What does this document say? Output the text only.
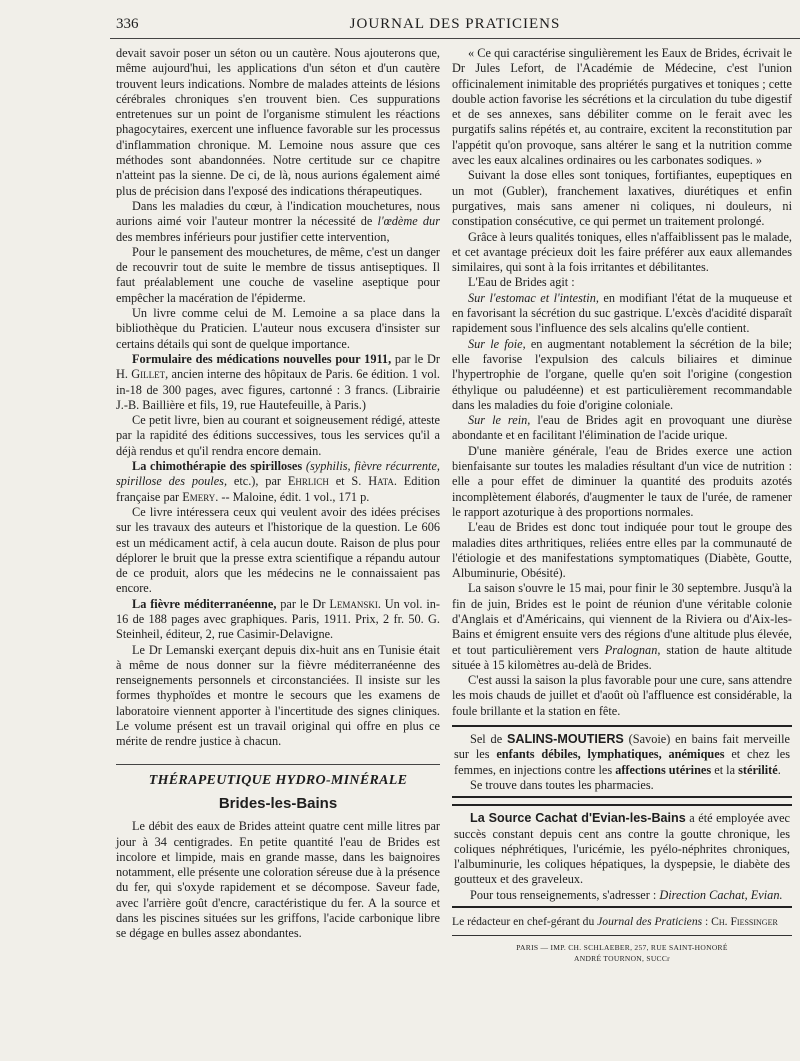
336	JOURNAL DES PRATICIENS

devait savoir poser un séton ou un cautère. Nous ajouterons que, même aujourd'hui, les applications d'un séton et d'un cautère trouvent leurs indications. Nombre de malades atteints de lésions cérébrales chroniques s'en trouvent bien. Ces suppurations entretenues sur un point de l'organisme stimulent les réactions phagocytaires, exercent une influence favorable sur les processus d'inflammation chronique. M. Lemoine nous assure que ces méthodes sont abandonnées. Notre certitude sur ce chapitre n'atteint pas la sienne. De ci, de là, nous aurions également aimé plus de précision dans l'exposé des indications thérapeutiques.

Dans les maladies du cœur, à l'indication mouchetures, nous aurions aimé voir l'auteur montrer la nécessité de l'œdème dur des membres inférieurs pour justifier cette intervention,

Pour le pansement des mouchetures, de même, c'est un danger de recouvrir tout de suite le membre de tissus antiseptiques. Il faut préalablement une couche de vaseline aseptique pour empêcher la macération de l'épiderme.

Un livre comme celui de M. Lemoine a sa place dans la bibliothèque du Praticien. L'auteur nous excusera d'insister sur certains détails qui sont de quelque importance.

Formulaire des médications nouvelles pour 1911, par le Dr H. Gillet, ancien interne des hôpitaux de Paris. 6e édition. 1 vol. in-18 de 300 pages, avec figures, cartonné : 3 francs. (Librairie J.-B. Baillière et fils, 19, rue Hautefeuille, à Paris.)

Ce petit livre, bien au courant et soigneusement rédigé, atteste par la rapidité des éditions successives, tous les services qu'il a déjà rendus et qu'il rendra encore demain.

La chimothérapie des spirilloses (syphilis, fièvre récurrente, spirillose des poules, etc.), par Ehrlich et S. Hata. Edition française par Emery. -- Maloine, édit. 1 vol., 171 p.

Ce livre intéressera ceux qui veulent avoir des idées précises sur les travaux des auteurs et l'historique de la question. Le 606 est un médicament actif, à cela aucun doute. Raison de plus pour déplorer le bruit que la presse extra scientifique a répandu autour de ce produit, alors que les médecins ne le connaissaient pas encore.

La fièvre méditerranéenne, par le Dr Lemanski. Un vol. in-16 de 188 pages avec graphiques. Paris, 1911. Prix, 2 fr. 50. G. Steinheil, éditeur, 2, rue Casimir-Delavigne.

Le Dr Lemanski exerçant depuis dix-huit ans en Tunisie était à même de nous donner sur la fièvre méditerranéenne des renseignements personnels et circonstanciées. Il insiste sur les formes thyphoïdes et montre le secours que les examens de laboratoire viennent apporter à l'incertitude des signes cliniques. Le volume présent est un travail original qui offre en plus ce mérite de rendre justice à chacun.

THÉRAPEUTIQUE HYDRO-MINÉRALE
Brides-les-Bains

Le débit des eaux de Brides atteint quatre cent mille litres par jour à 34 centigrades. En petite quantité l'eau de Brides est incolore et limpide, mais en grande masse, dans les baignoires notamment, elle présente une coloration séreuse due à la présence du fer, qui s'oxyde rapidement et se décompose. Saveur fade, avec l'arrière goût d'encre, caractéristique du fer. A la source et dans les piscines situées sur les griffons, l'acide carbonique libre se dégage en bulles assez abondantes.

« Ce qui caractérise singulièrement les Eaux de Brides, écrivait le Dr Jules Lefort, de l'Académie de Médecine, c'est l'union officinalement inimitable des propriétés purgatives et toniques ; cette double action favorise les sécrétions et la circulation du tube digestif et de ses annexes, sans débiliter comme on le ferait avec les purgatifs salins répétés et, au contraire, excitent la reconstitution par l'appétit qu'on provoque, sans altérer le sang et la nutrition comme avec les eaux alcalines ordinaires ou les carbonates sodiques. »

Suivant la dose elles sont toniques, fortifiantes, eupeptiques en un mot (Gubler), franchement laxatives, diurétiques et enfin purgatives, mais sans amener ni coliques, ni douleurs, ni constipation consécutive, ce qui permet un traitement prolongé.

Grâce à leurs qualités toniques, elles n'affaiblissent pas le malade, et cet avantage précieux doit les faire préférer aux eaux allemandes similaires, qui sont à la fois irritantes et débilitantes.

L'Eau de Brides agit :

Sur l'estomac et l'intestin, en modifiant l'état de la muqueuse et en favorisant la sécrétion du suc gastrique. L'excès d'acidité disparaît rapidement sous l'influence des sels alcalins qu'elle contient.

Sur le foie, en augmentant notablement la sécrétion de la bile; elle favorise l'expulsion des calculs biliaires et diminue l'hypertrophie de l'organe, quelle qu'en soit l'origine (congestion éthylique ou paludéenne) et est particulièrement recommandable dans les maladies du foie d'origine coloniale.

Sur le rein, l'eau de Brides agit en provoquant une diurèse abondante et en facilitant l'élimination de l'acide urique.

D'une manière générale, l'eau de Brides exerce une action bienfaisante sur toutes les maladies résultant d'un vice de nutrition : elle a pour effet de diminuer la quantité des produits azotés incomplètement élaborés, d'augmenter le taux de l'urée, de ramener le rapport azoturique à des proportions normales.

L'eau de Brides est donc tout indiquée pour tout le groupe des maladies dites arthritiques, reliées entre elles par la communauté de l'étiologie et des manifestations symptomatiques (Diabète, Goutte, Albuminurie, Obésité).

La saison s'ouvre le 15 mai, pour finir le 30 septembre. Jusqu'à la fin de juin, Brides est le point de réunion d'une véritable colonie d'Anglais et d'Américains, qui viennent de la Riviera ou d'Aix-les-Bains et émigrent ensuite vers des régions d'une altitude plus élevée, et tout particulièrement vers Pralognan, station de haute altitude située à 15 kilomètres au-delà de Brides.

C'est aussi la saison la plus favorable pour une cure, sans attendre les mois chauds de juillet et d'août où l'affluence est considérable, la foule brillante et la station en fête.

Sel de SALINS-MOUTIERS (Savoie) en bains fait merveille sur les enfants débiles, lymphatiques, anémiques et chez les femmes, en injections contre les affections utérines et la stérilité.

Se trouve dans toutes les pharmacies.

La Source Cachat d'Evian-les-Bains a été employée avec succès constant depuis cent ans contre la goutte chronique, les coliques néphrétiques, l'uricémie, les pyélo-néphrites chroniques, l'albuminurie, les coliques hépatiques, la dyspepsie, le diabète des goutteux et des graveleux.

Pour tous renseignements, s'adresser : Direction Cachat, Evian.

Le rédacteur en chef-gérant du Journal des Praticiens : Ch. Fiessinger
PARIS — IMP. CH. SCHLAEBER, 257, RUE SAINT-HONORÉ
ANDRÉ TOURNON, SUCCr
